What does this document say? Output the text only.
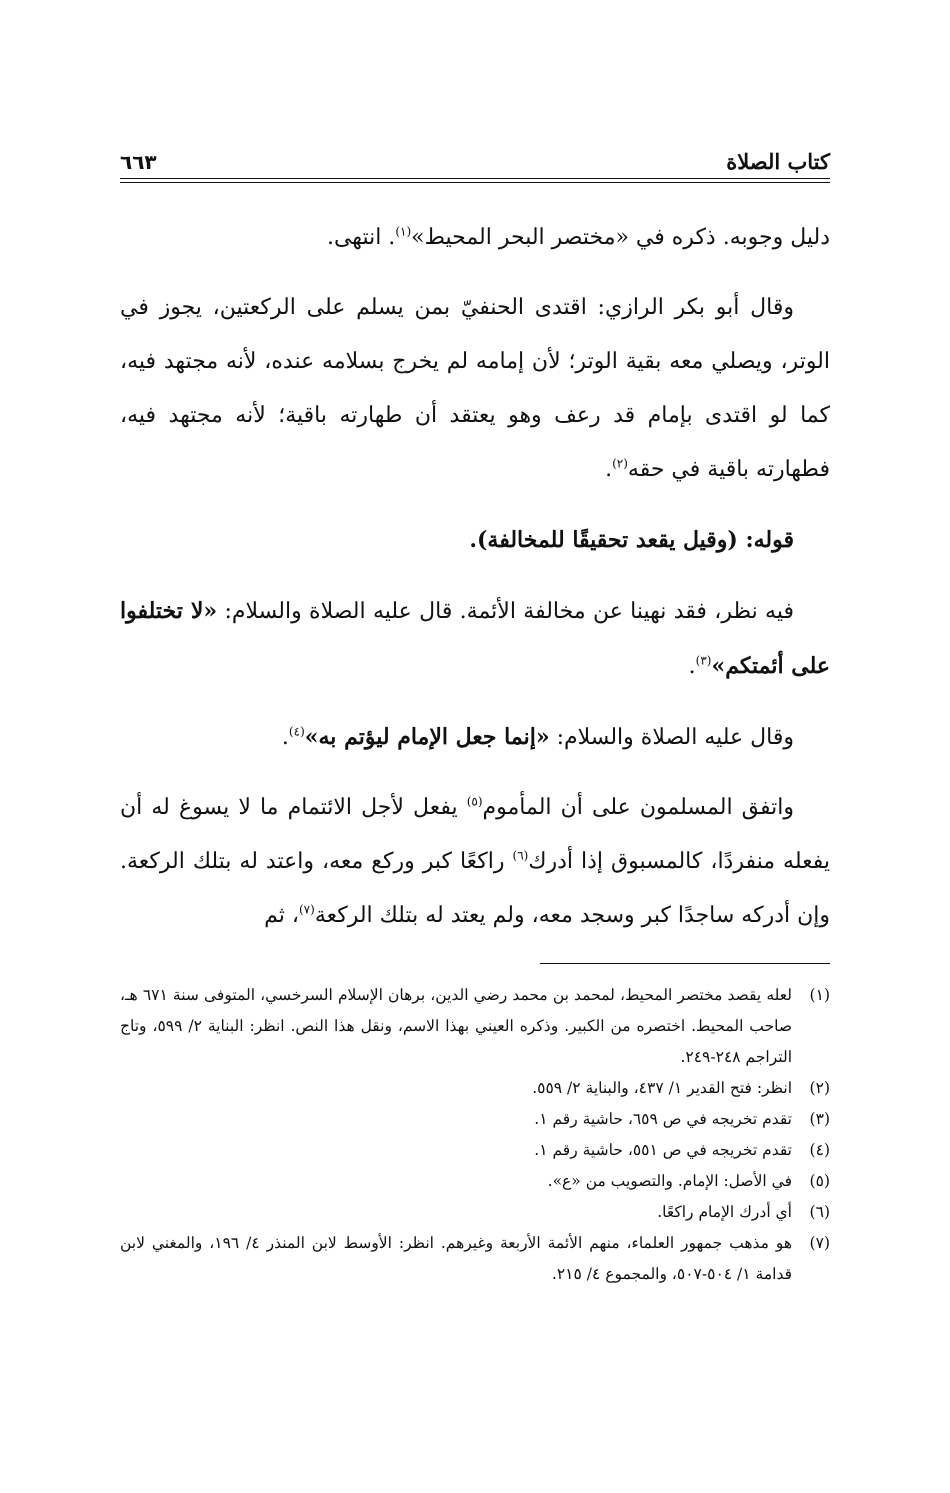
كتاب الصلاة
٦٦٣

دليل وجوبه. ذكره في «مختصر البحر المحيط»$^{(١)}$. انتهى.

وقال أبو بكر الرازي: اقتدى الحنفيّ بمن يسلم على الركعتين، يجوز في الوتر، ويصلي معه بقية الوتر؛ لأن إمامه لم يخرج بسلامه عنده، لأنه مجتهد فيه، كما لو اقتدى بإمام قد رعف وهو يعتقد أن طهارته باقية؛ لأنه مجتهد فيه، فطهارته باقية في حقه$^{(٢)}$.

قوله: (وقيل يقعد تحقيقًا للمخالفة).

فيه نظر، فقد نهينا عن مخالفة الأئمة. قال عليه الصلاة والسلام: «لا تختلفوا على أئمتكم»$^{(٣)}$.

وقال عليه الصلاة والسلام: «إنما جعل الإمام ليؤتم به»$^{(٤)}$.

واتفق المسلمون على أن المأموم$^{(٥)}$ يفعل لأجل الائتمام ما لا يسوغ له أن يفعله منفردًا، كالمسبوق إذا أدرك$^{(٦)}$ راكعًا كبر وركع معه، واعتد له بتلك الركعة. وإن أدركه ساجدًا كبر وسجد معه، ولم يعتد له بتلك الركعة$^{(٧)}$، ثم

(١)
لعله يقصد مختصر المحيط، لمحمد بن محمد رضي الدين، برهان الإسلام السرخسي، المتوفى سنة ٦٧١ هـ، صاحب المحيط. اختصره من الكبير. وذكره العيني بهذا الاسم، ونقل هذا النص. انظر: البناية ٢/ ٥٩٩، وتاج التراجم ٢٤٨-٢٤٩.
(٢)
انظر: فتح القدير ١/ ٤٣٧، والبناية ٢/ ٥٥٩.
(٣)
تقدم تخريجه في ص ٦٥٩، حاشية رقم ١.
(٤)
تقدم تخريجه في ص ٥٥١، حاشية رقم ١.
(٥)
في الأصل: الإمام. والتصويب من «ع».
(٦)
أي أدرك الإمام راكعًا.
(٧)
هو مذهب جمهور العلماء، منهم الأئمة الأربعة وغيرهم. انظر: الأوسط لابن المنذر ٤/ ١٩٦، والمغني لابن قدامة ١/ ٥٠٤-٥٠٧، والمجموع ٤/ ٢١٥.
